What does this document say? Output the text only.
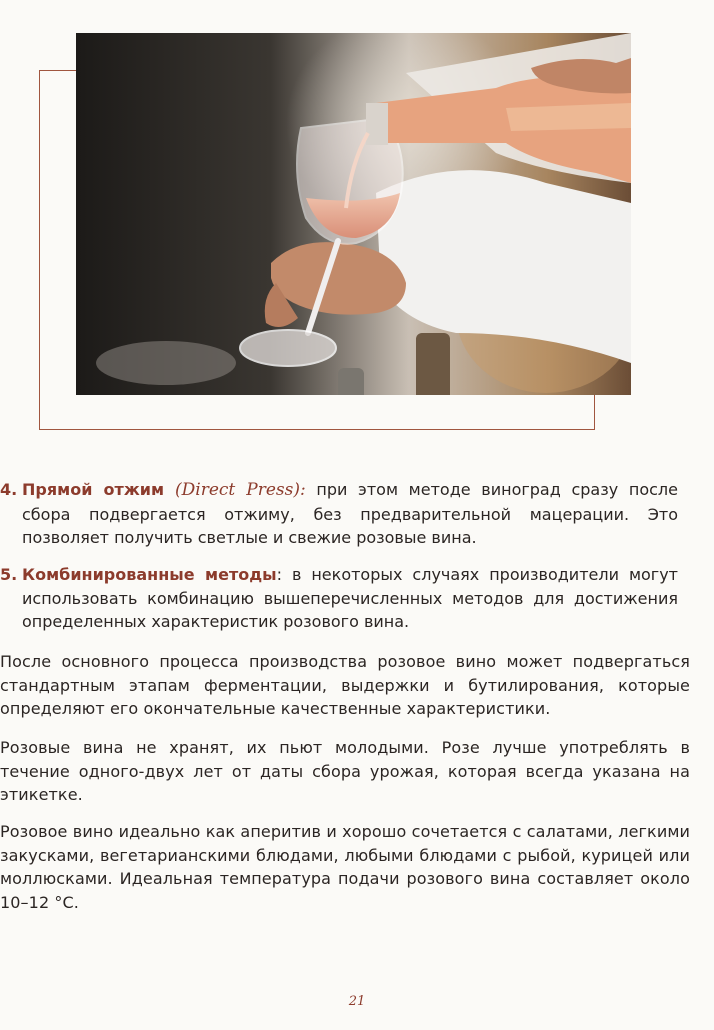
4. Прямой отжим (Direct Press): при этом методе виноград сразу после сбора подвергается отжиму, без предварительной мацерации. Это позволяет получить светлые и свежие розовые вина.
5. Комбинированные методы: в некоторых случаях производители могут использовать комбинацию вышеперечисленных методов для достижения определенных характеристик розового вина.

После основного процесса производства розовое вино может подвергаться стандартным этапам ферментации, выдержки и бутилирования, которые определяют его окончательные качественные характеристики.

Розовые вина не хранят, их пьют молодыми. Розе лучше употреблять в течение одного-двух лет от даты сбора урожая, которая всегда указана на этикетке.

Розовое вино идеально как аперитив и хорошо сочетается с салатами, легкими закусками, вегетарианскими блюдами, любыми блюдами с рыбой, курицей или моллюсками. Идеальная температура подачи розового вина составляет около 10–12 °С.

21
